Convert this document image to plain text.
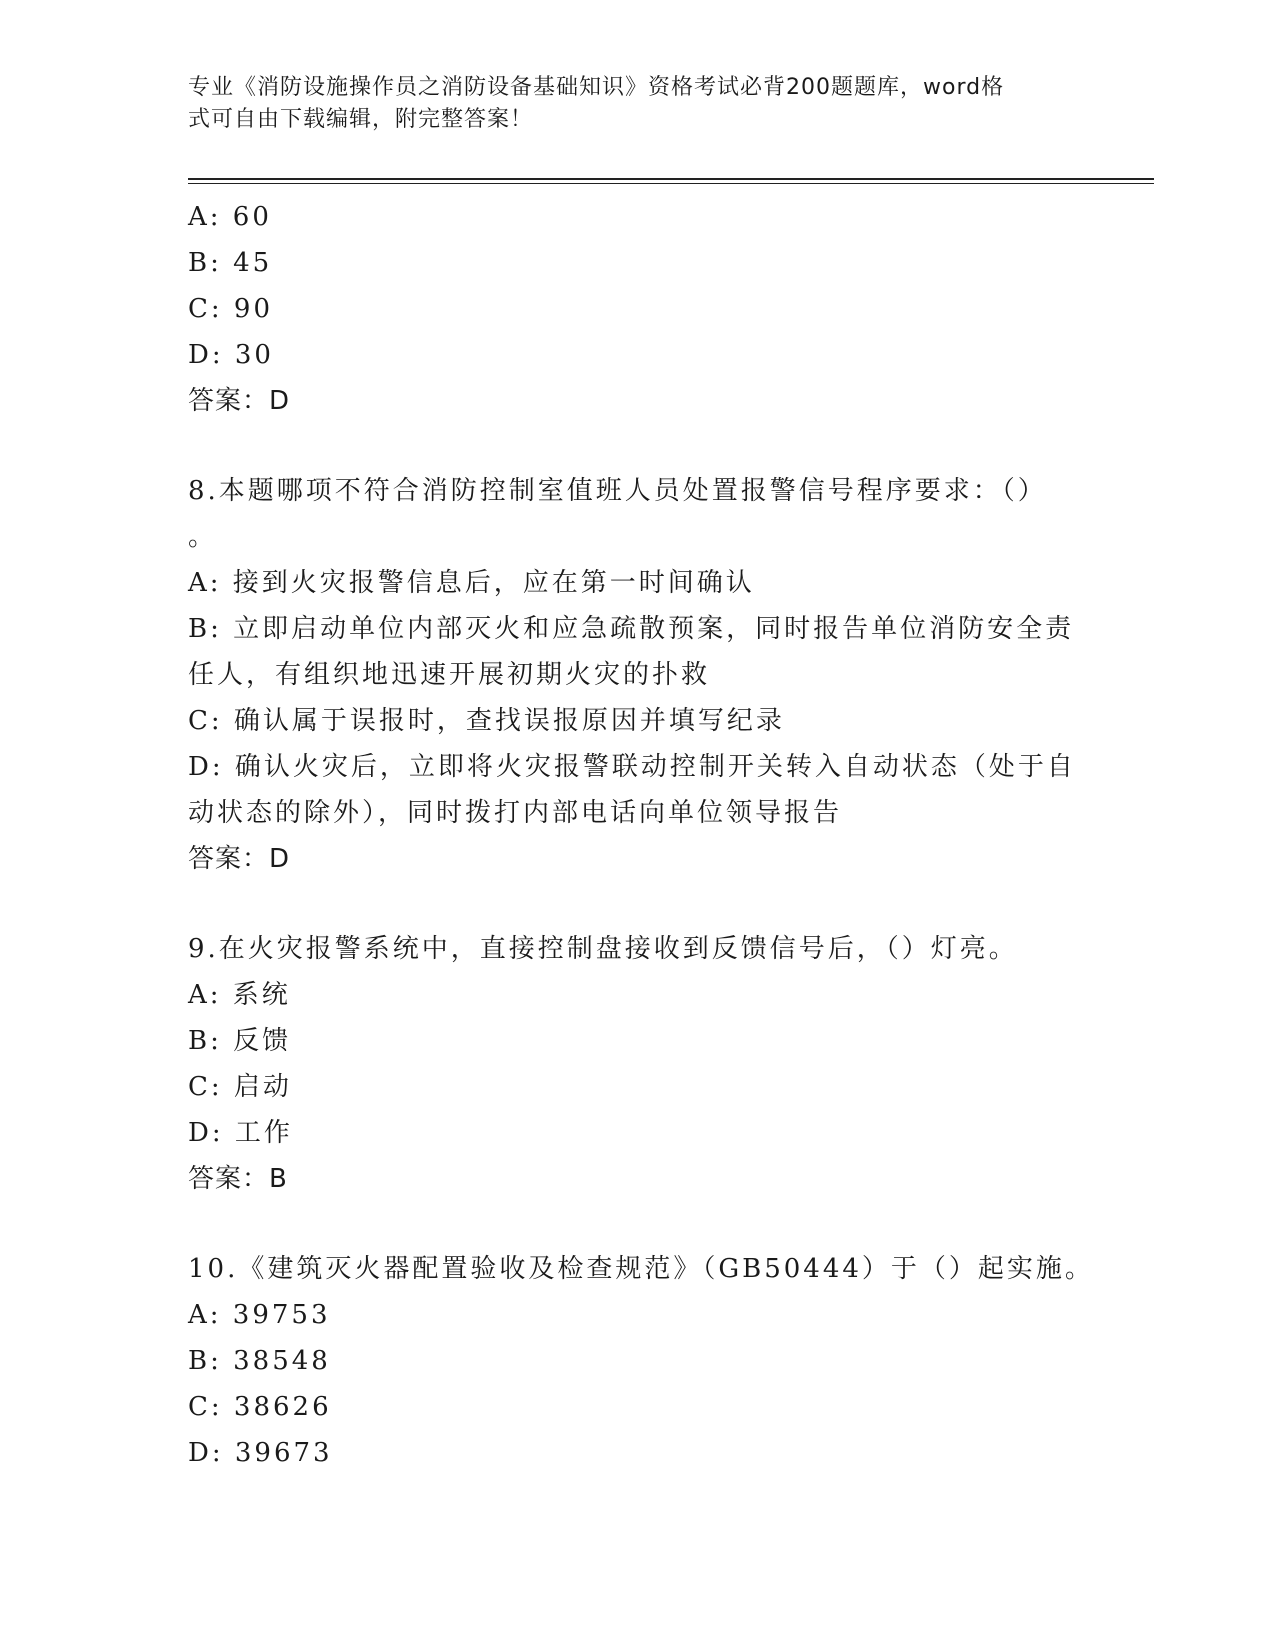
专业《消防设施操作员之消防设备基础知识》资格考试必背200题题库，word格
式可自由下载编辑，附完整答案！
A: 60
B: 45
C: 90
D: 30
答案：D
8.本题哪项不符合消防控制室值班人员处置报警信号程序要求：（）
。
A: 接到火灾报警信息后，应在第一时间确认
B: 立即启动单位内部灭火和应急疏散预案，同时报告单位消防安全责
任人，有组织地迅速开展初期火灾的扑救
C: 确认属于误报时，查找误报原因并填写纪录
D: 确认火灾后，立即将火灾报警联动控制开关转入自动状态（处于自
动状态的除外），同时拨打内部电话向单位领导报告
答案：D
9.在火灾报警系统中，直接控制盘接收到反馈信号后，（）灯亮。
A: 系统
B: 反馈
C: 启动
D: 工作
答案：B
10.《建筑灭火器配置验收及检查规范》（GB50444）于（）起实施。
A: 39753
B: 38548
C: 38626
D: 39673
